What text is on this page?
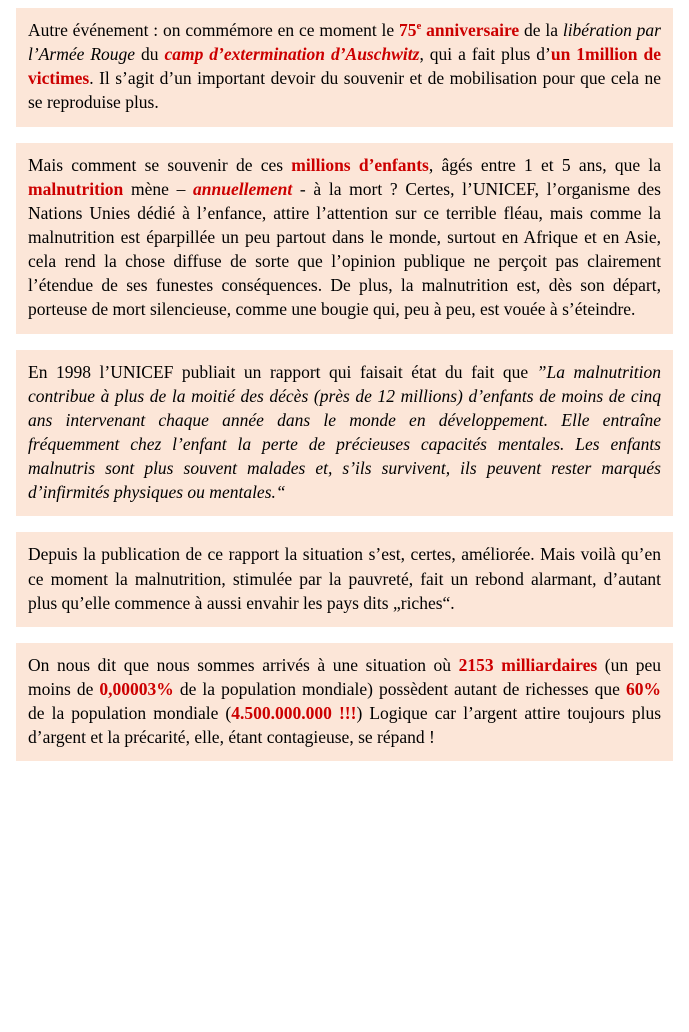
Autre événement : on commémore en ce moment le 75e anniversaire de la libération par l’Armée Rouge du camp d’extermination d’Auschwitz, qui a fait plus d’un 1million de victimes. Il s’agit d’un important devoir du souvenir et de mobilisation pour que cela ne se reproduise plus.

Mais comment se souvenir de ces millions d’enfants, âgés entre 1 et 5 ans, que la malnutrition mène – annuellement - à la mort ? Certes, l’UNICEF, l’organisme des Nations Unies dédié à l’enfance, attire l’attention sur ce terrible fléau, mais comme la malnutrition est éparpillée un peu partout dans le monde, surtout en Afrique et en Asie, cela rend la chose diffuse de sorte que l’opinion publique ne perçoit pas clairement l’étendue de ses funestes conséquences. De plus, la malnutrition est, dès son départ, porteuse de mort silencieuse, comme une bougie qui, peu à peu, est vouée à s’éteindre.

En 1998 l’UNICEF publiait un rapport qui faisait état du fait que ”La malnutrition contribue à plus de la moitié des décès (près de 12 millions) d’enfants de moins de cinq ans intervenant chaque année dans le monde en développement. Elle entraîne fréquemment chez l’enfant la perte de précieuses capacités mentales. Les enfants malnutris sont plus souvent malades et, s’ils survivent, ils peuvent rester marqués d’infirmités physiques ou mentales.“

Depuis la publication de ce rapport la situation s’est, certes, améliorée. Mais voilà qu’en ce moment la malnutrition, stimulée par la pauvreté, fait un rebond alarmant, d’autant plus qu’elle commence à aussi envahir les pays dits „riches“.

On nous dit que nous sommes arrivés à une situation où 2153 milliardaires (un peu moins de 0,00003% de la population mondiale) possèdent autant de richesses que 60% de la population mondiale (4.500.000.000 !!!) Logique car l’argent attire toujours plus d’argent et la précarité, elle, étant contagieuse, se répand !
